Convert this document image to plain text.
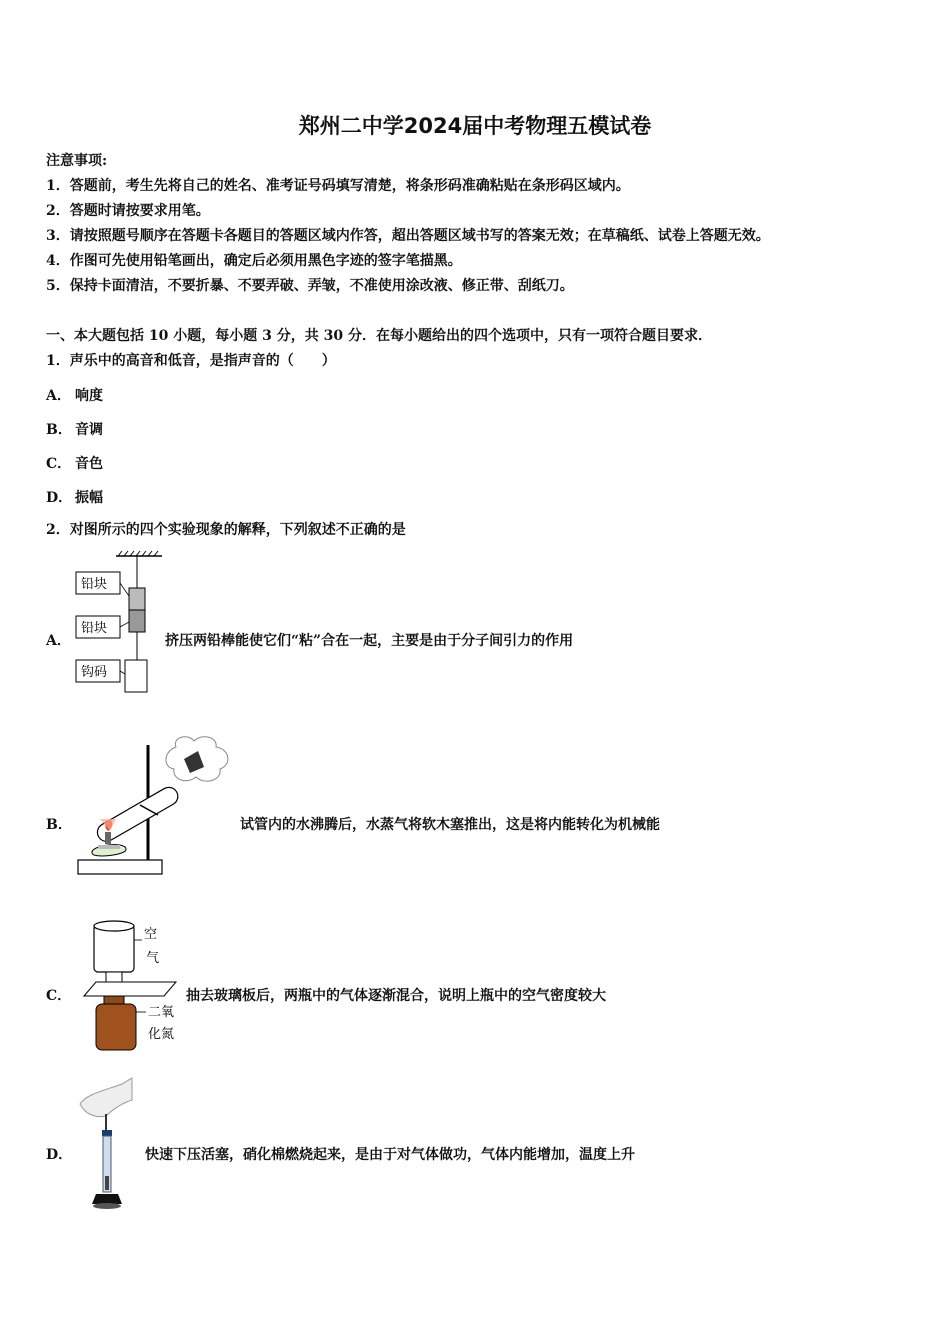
郑州二中学2024届中考物理五模试卷
注意事项:
1．答题前，考生先将自己的姓名、准考证号码填写清楚，将条形码准确粘贴在条形码区域内。
2．答题时请按要求用笔。
3．请按照题号顺序在答题卡各题目的答题区域内作答，超出答题区域书写的答案无效；在草稿纸、试卷上答题无效。
4．作图可先使用铅笔画出，确定后必须用黑色字迹的签字笔描黑。
5．保持卡面清洁，不要折暴、不要弄破、弄皱，不准使用涂改液、修正带、刮纸刀。
一、本大题包括 10 小题，每小题 3 分，共 30 分．在每小题给出的四个选项中，只有一项符合题目要求．
1．声乐中的高音和低音，是指声音的（　　）
A． 响度
B． 音调
C． 音色
D． 振幅
2．对图所示的四个实验现象的解释，下列叙述不正确的是
A．
铅块
铅块
钩码
挤压两铅棒能使它们“粘”合在一起，主要是由于分子间引力的作用
B．	试管内的水沸腾后，水蒸气将软木塞推出，这是将内能转化为机械能
C．
空
气
二氧
化氮
抽去玻璃板后，两瓶中的气体逐渐混合，说明上瓶中的空气密度较大
D．	快速下压活塞，硝化棉燃烧起来，是由于对气体做功，气体内能增加，温度上升
